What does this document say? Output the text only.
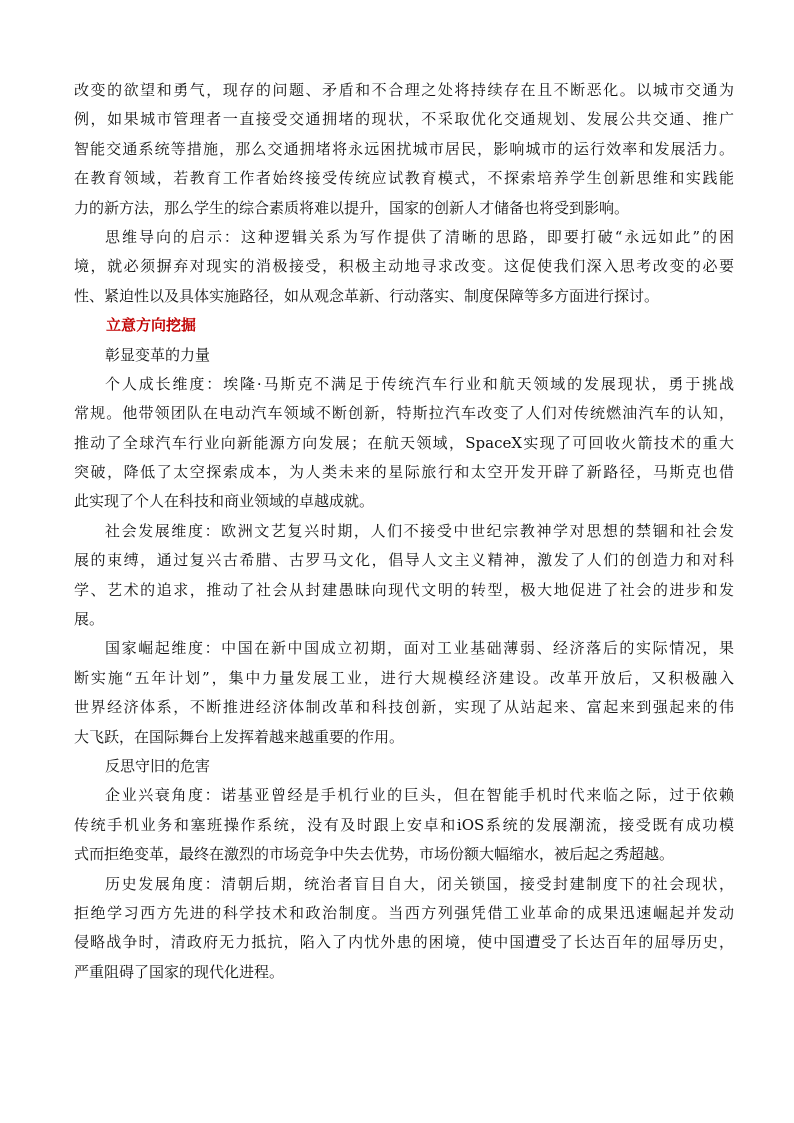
改变的欲望和勇气，现存的问题、矛盾和不合理之处将持续存在且不断恶化。以城市交通为
例，如果城市管理者一直接受交通拥堵的现状，不采取优化交通规划、发展公共交通、推广
智能交通系统等措施，那么交通拥堵将永远困扰城市居民，影响城市的运行效率和发展活力。
在教育领域，若教育工作者始终接受传统应试教育模式，不探索培养学生创新思维和实践能
力的新方法，那么学生的综合素质将难以提升，国家的创新人才储备也将受到影响。
思维导向的启示：这种逻辑关系为写作提供了清晰的思路，即要打破“永远如此”的困
境，就必须摒弃对现实的消极接受，积极主动地寻求改变。这促使我们深入思考改变的必要
性、紧迫性以及具体实施路径，如从观念革新、行动落实、制度保障等多方面进行探讨。
立意方向挖掘
彰显变革的力量
个人成长维度：埃隆·马斯克不满足于传统汽车行业和航天领域的发展现状，勇于挑战
常规。他带领团队在电动汽车领域不断创新，特斯拉汽车改变了人们对传统燃油汽车的认知，
推动了全球汽车行业向新能源方向发展；在航天领域，SpaceX实现了可回收火箭技术的重大
突破，降低了太空探索成本，为人类未来的星际旅行和太空开发开辟了新路径，马斯克也借
此实现了个人在科技和商业领域的卓越成就。
社会发展维度：欧洲文艺复兴时期，人们不接受中世纪宗教神学对思想的禁锢和社会发
展的束缚，通过复兴古希腊、古罗马文化，倡导人文主义精神，激发了人们的创造力和对科
学、艺术的追求，推动了社会从封建愚昧向现代文明的转型，极大地促进了社会的进步和发
展。
国家崛起维度：中国在新中国成立初期，面对工业基础薄弱、经济落后的实际情况，果
断实施“五年计划”，集中力量发展工业，进行大规模经济建设。改革开放后，又积极融入
世界经济体系，不断推进经济体制改革和科技创新，实现了从站起来、富起来到强起来的伟
大飞跃，在国际舞台上发挥着越来越重要的作用。
反思守旧的危害
企业兴衰角度：诺基亚曾经是手机行业的巨头，但在智能手机时代来临之际，过于依赖
传统手机业务和塞班操作系统，没有及时跟上安卓和iOS系统的发展潮流，接受既有成功模
式而拒绝变革，最终在激烈的市场竞争中失去优势，市场份额大幅缩水，被后起之秀超越。
历史发展角度：清朝后期，统治者盲目自大，闭关锁国，接受封建制度下的社会现状，
拒绝学习西方先进的科学技术和政治制度。当西方列强凭借工业革命的成果迅速崛起并发动
侵略战争时，清政府无力抵抗，陷入了内忧外患的困境，使中国遭受了长达百年的屈辱历史，
严重阻碍了国家的现代化进程。
